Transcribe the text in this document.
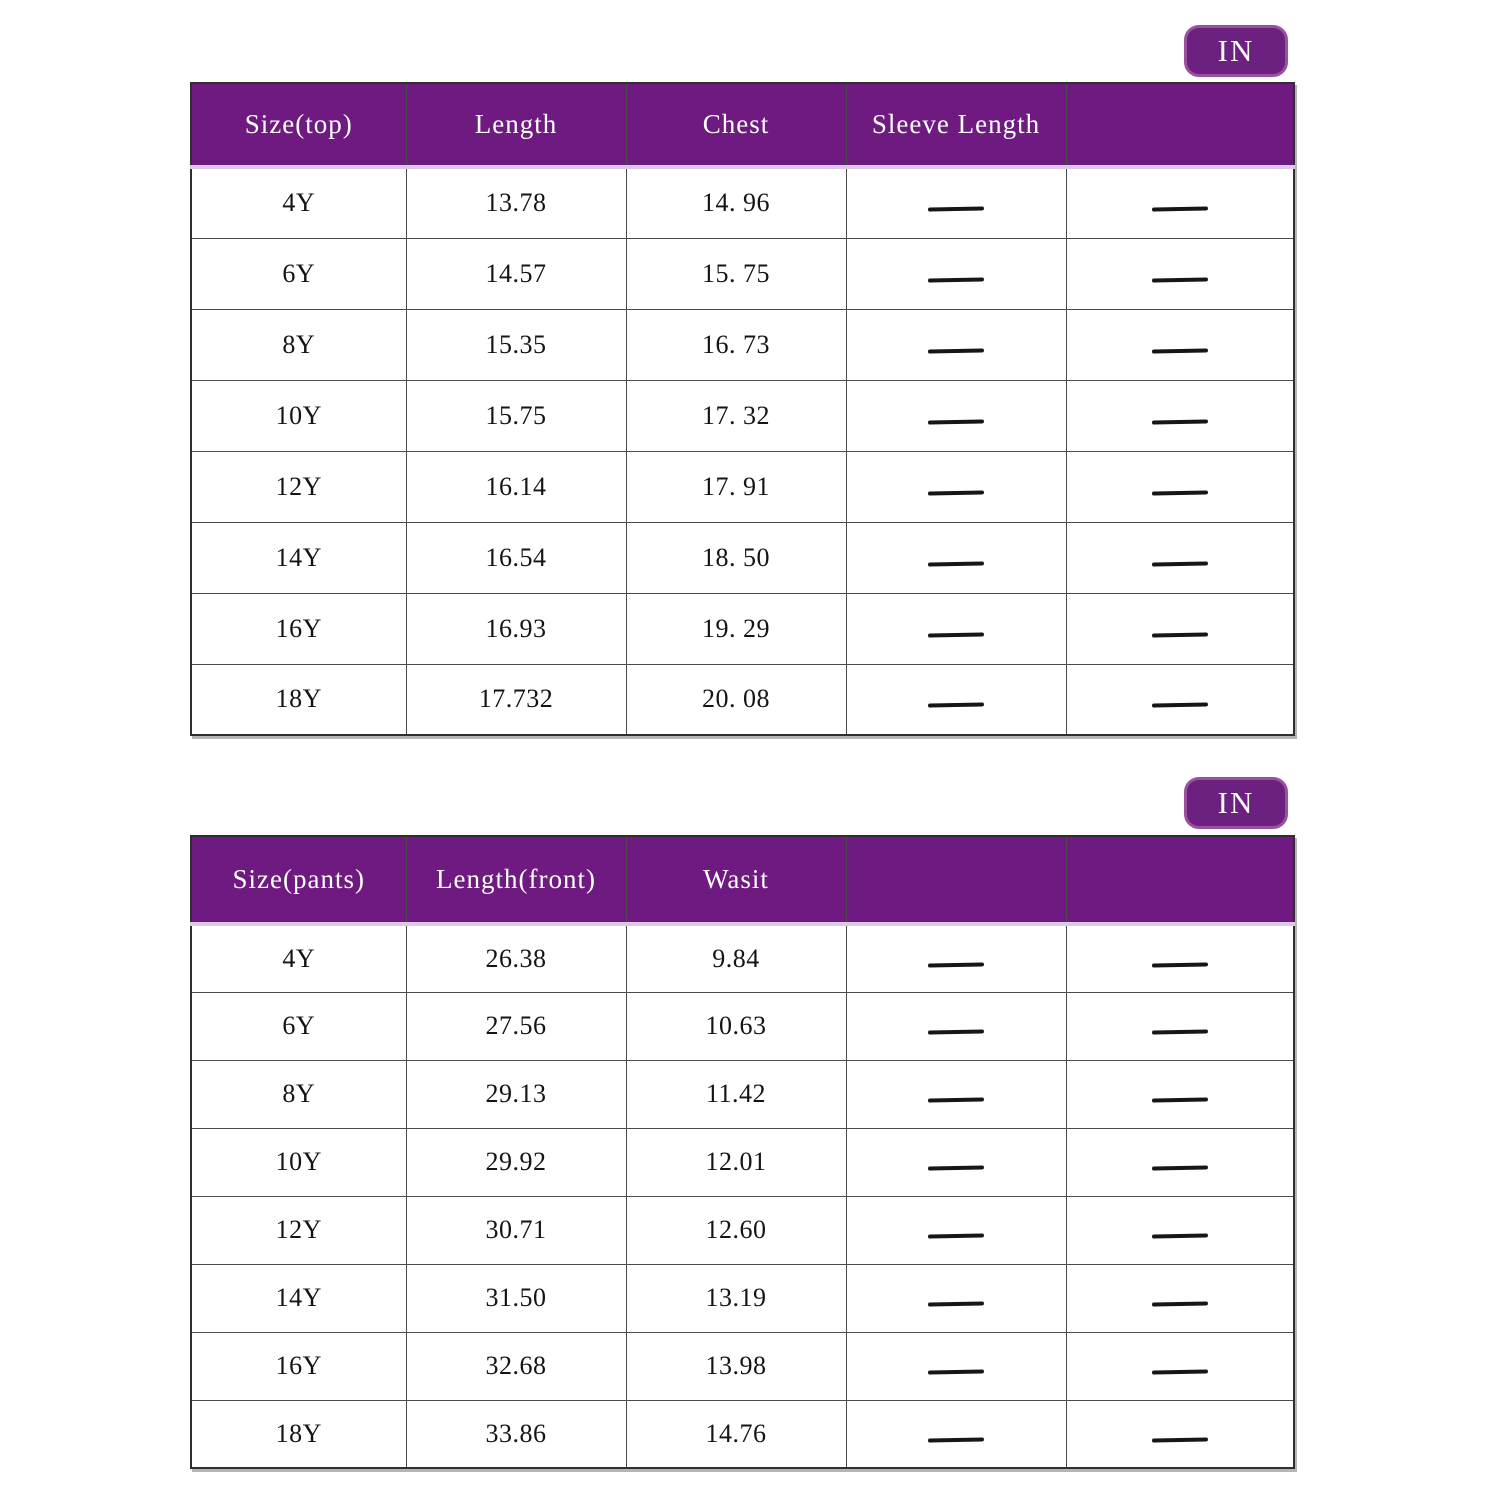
IN
Size(top)	Length	Chest	Sleeve Length	
4Y	13.78	14. 96		
6Y	14.57	15. 75		
8Y	15.35	16. 73		
10Y	15.75	17. 32		
12Y	16.14	17. 91		
14Y	16.54	18. 50		
16Y	16.93	19. 29		
18Y	17.732	20. 08		
IN
Size(pants)	Length(front)	Wasit		
4Y	26.38	9.84		
6Y	27.56	10.63		
8Y	29.13	11.42		
10Y	29.92	12.01		
12Y	30.71	12.60		
14Y	31.50	13.19		
16Y	32.68	13.98		
18Y	33.86	14.76		
